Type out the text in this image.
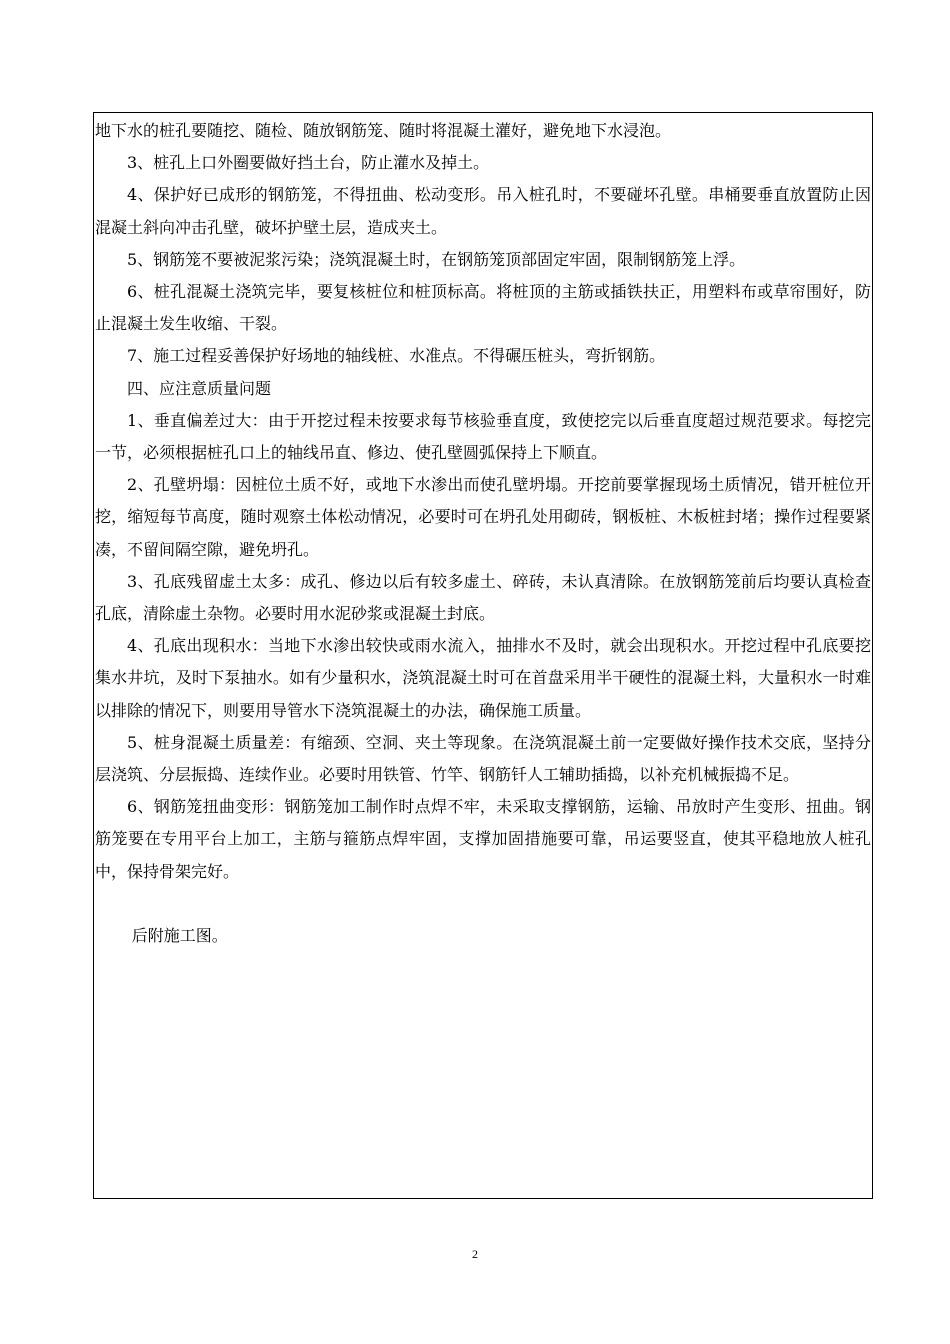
地下水的桩孔要随挖、随检、随放钢筋笼、随时将混凝土灌好，避免地下水浸泡。

3、桩孔上口外圈要做好挡土台，防止灌水及掉土。

4、保护好已成形的钢筋笼，不得扭曲、松动变形。吊入桩孔时，不要碰坏孔壁。串桶要垂直放置防止因混凝土斜向冲击孔壁，破坏护壁土层，造成夹土。

5、钢筋笼不要被泥浆污染；浇筑混凝土时，在钢筋笼顶部固定牢固，限制钢筋笼上浮。

6、桩孔混凝土浇筑完毕，要复核桩位和桩顶标高。将桩顶的主筋或插铁扶正，用塑料布或草帘围好，防止混凝土发生收缩、干裂。

7、施工过程妥善保护好场地的轴线桩、水准点。不得碾压桩头，弯折钢筋。

四、应注意质量问题

1、垂直偏差过大：由于开挖过程未按要求每节核验垂直度，致使挖完以后垂直度超过规范要求。每挖完一节，必须根据桩孔口上的轴线吊直、修边、使孔壁圆弧保持上下顺直。

2、孔壁坍塌：因桩位土质不好，或地下水渗出而使孔壁坍塌。开挖前要掌握现场土质情况，错开桩位开挖，缩短每节高度，随时观察土体松动情况，必要时可在坍孔处用砌砖，钢板桩、木板桩封堵；操作过程要紧凑，不留间隔空隙，避免坍孔。

3、孔底残留虚土太多：成孔、修边以后有较多虚土、碎砖，未认真清除。在放钢筋笼前后均要认真检查孔底，清除虚土杂物。必要时用水泥砂浆或混凝土封底。

4、孔底出现积水：当地下水渗出较快或雨水流入，抽排水不及时，就会出现积水。开挖过程中孔底要挖集水井坑，及时下泵抽水。如有少量积水，浇筑混凝土时可在首盘采用半干硬性的混凝土料，大量积水一时难以排除的情况下，则要用导管水下浇筑混凝土的办法，确保施工质量。

5、桩身混凝土质量差：有缩颈、空洞、夹土等现象。在浇筑混凝土前一定要做好操作技术交底，坚持分层浇筑、分层振捣、连续作业。必要时用铁管、竹竿、钢筋钎人工辅助插捣，以补充机械振捣不足。

6、钢筋笼扭曲变形：钢筋笼加工制作时点焊不牢，未采取支撑钢筋，运输、吊放时产生变形、扭曲。钢筋笼要在专用平台上加工，主筋与箍筋点焊牢固，支撑加固措施要可靠，吊运要竖直，使其平稳地放人桩孔中，保持骨架完好。

后附施工图。

2
